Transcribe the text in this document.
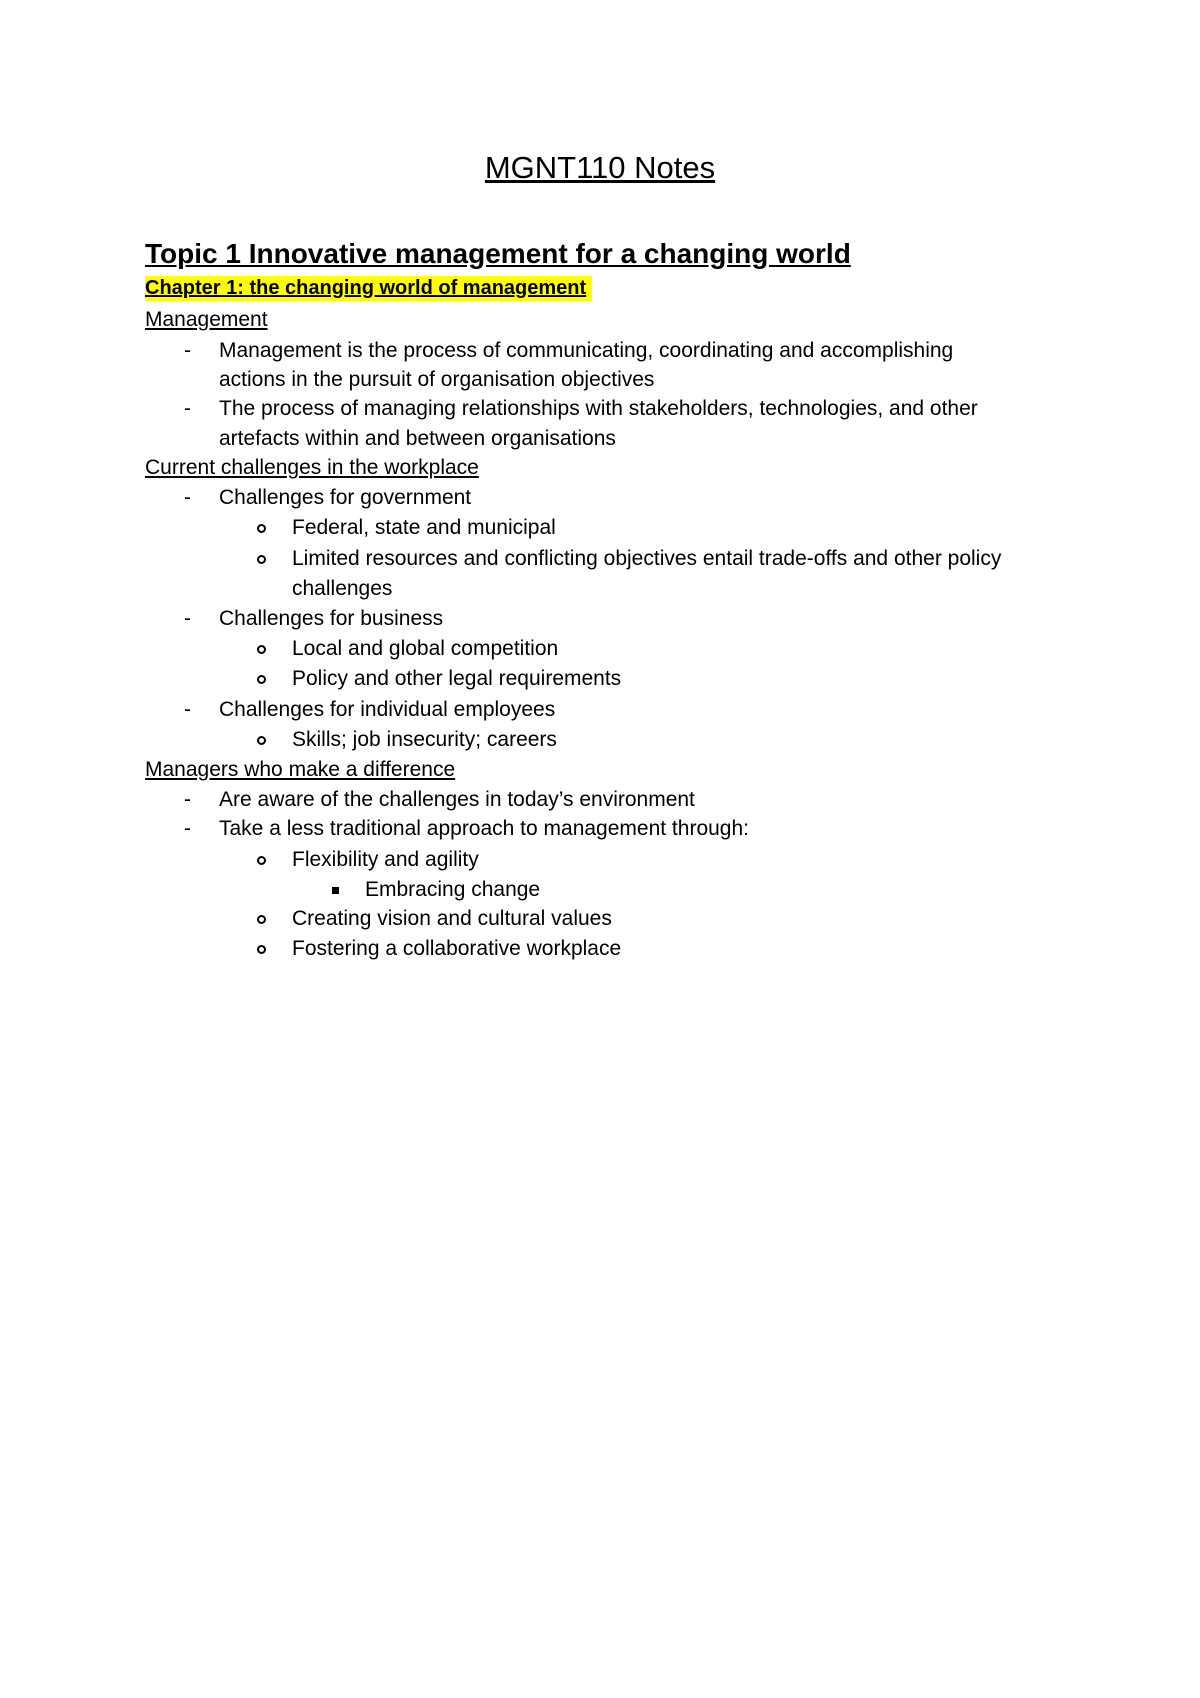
MGNT110 Notes
Topic 1 Innovative management for a changing world
Chapter 1: the changing world of management
Management
- Management is the process of communicating, coordinating and accomplishing
actions in the pursuit of organisation objectives
- The process of managing relationships with stakeholders, technologies, and other
artefacts within and between organisations
Current challenges in the workplace
- Challenges for government
Federal, state and municipal
Limited resources and conflicting objectives entail trade-offs and other policy
challenges
- Challenges for business
Local and global competition
Policy and other legal requirements
- Challenges for individual employees
Skills; job insecurity; careers
Managers who make a difference
- Are aware of the challenges in today’s environment
- Take a less traditional approach to management through:
Flexibility and agility
Embracing change
Creating vision and cultural values
Fostering a collaborative workplace
